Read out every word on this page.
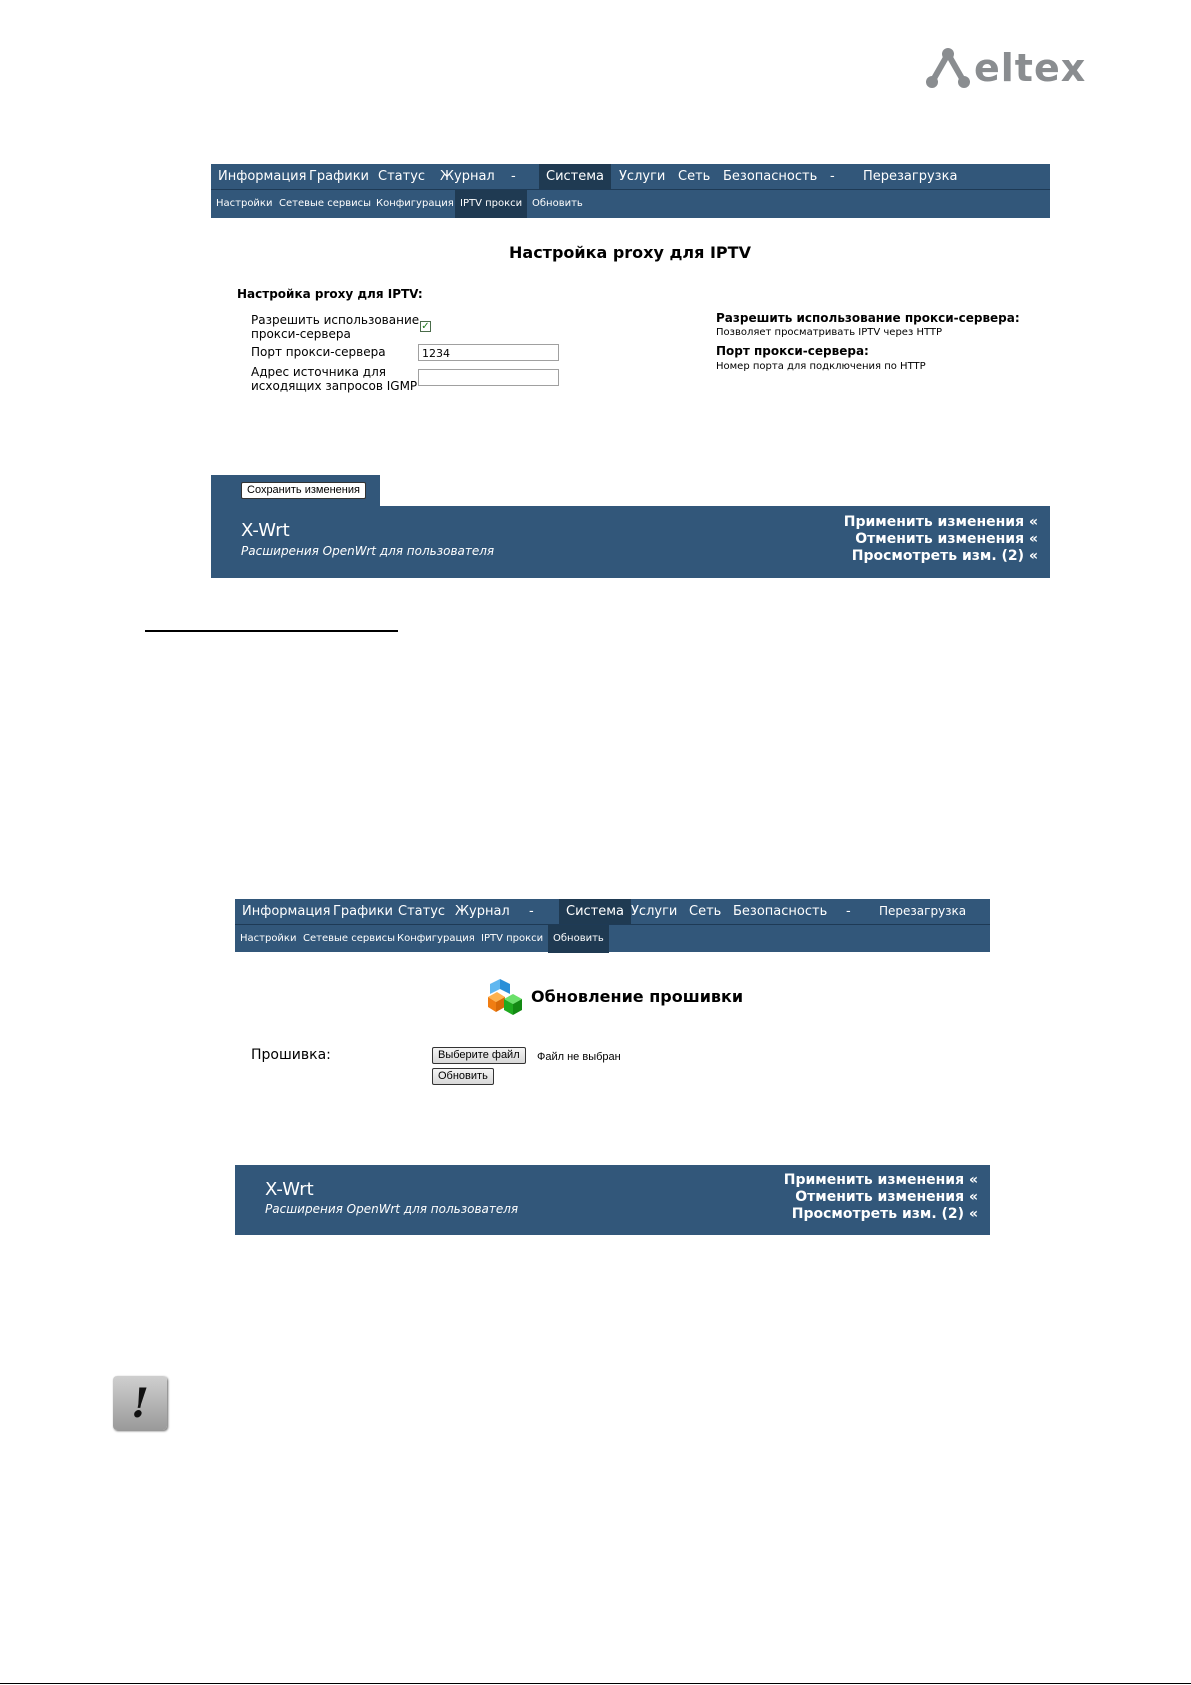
eltex
Информация Графики Статус	Журнал	-	Система	Услуги Сеть Безопасность -	Перезагрузка
Настройки Сетевые сервисы Конфигурация IPTV прокси Обновить
Настройка proxy для IPTV
Настройка proxy для IPTV:
Разрешить использование
прокси-сервера
✓
Порт прокси-сервера	1234
Адрес источника для
исходящих запросов IGMP
Разрешить использование прокси-сервера:
Позволяет просматривать IPTV через HTTP
Порт прокси-сервера:
Номер порта для подключения по HTTP
Сохранить изменения
X-Wrt
Расширения OpenWrt для пользователя
Применить изменения «
Отменить изменения «
Просмотреть изм. (2) «
Информация Графики Статус Журнал	-	Система Услуги Сеть Безопасность	-	Перезагрузка
Настройки Сетевые сервисы Конфигурация IPTV прокси Обновить
Обновление прошивки
Прошивка:	Выберите файл	Файл не выбран
Обновить
X-Wrt
Расширения OpenWrt для пользователя
Применить изменения «
Отменить изменения «
Просмотреть изм. (2) «
!
